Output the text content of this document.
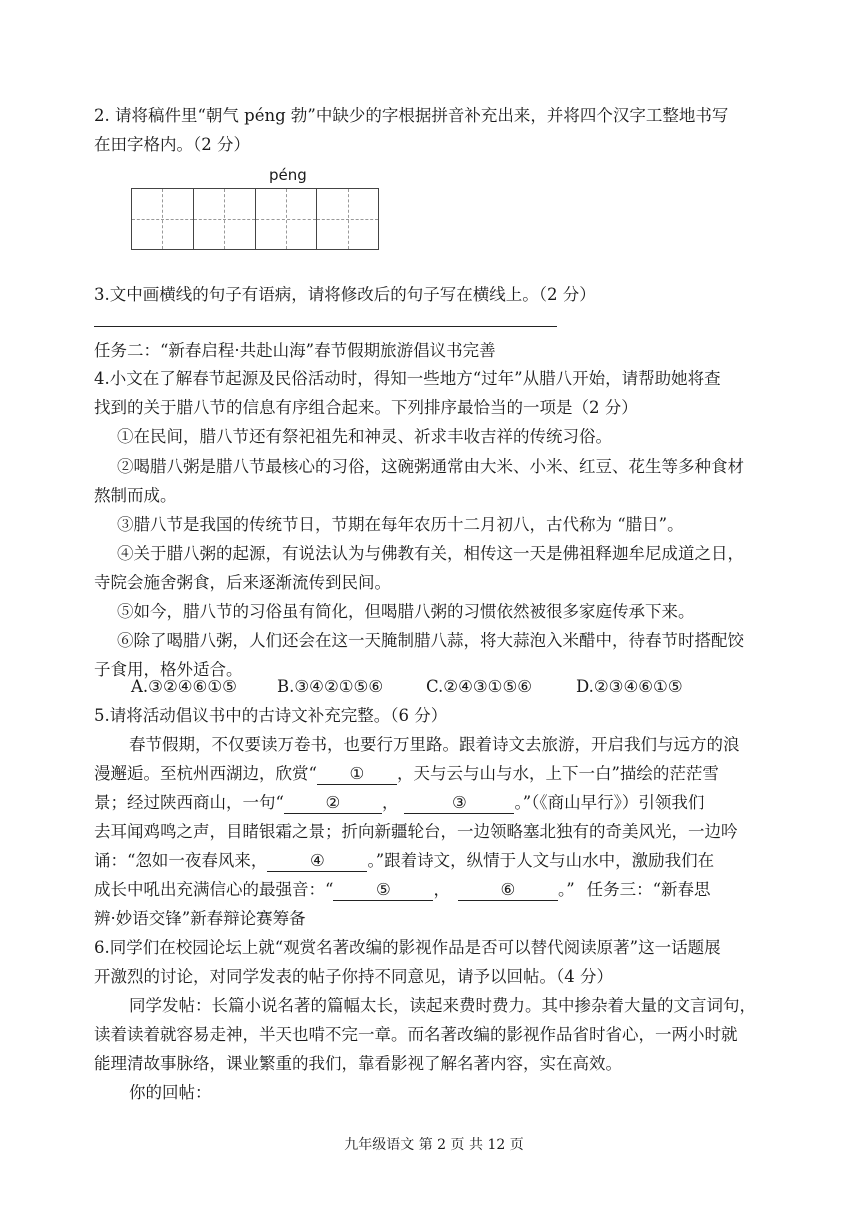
2. 请将稿件里“朝气 péng 勃”中缺少的字根据拼音补充出来，并将四个汉字工整地书写
在田字格内。（2 分）
péng
3.文中画横线的句子有语病，请将修改后的句子写在横线上。（2 分）
任务二：“新春启程·共赴山海”春节假期旅游倡议书完善
4.小文在了解春节起源及民俗活动时，得知一些地方“过年”从腊八开始，请帮助她将查
找到的关于腊八节的信息有序组合起来。下列排序最恰当的一项是（2 分）
①在民间，腊八节还有祭祀祖先和神灵、祈求丰收吉祥的传统习俗。
②喝腊八粥是腊八节最核心的习俗，这碗粥通常由大米、小米、红豆、花生等多种食材
熬制而成。
③腊八节是我国的传统节日，节期在每年农历十二月初八，古代称为 “腊日”。
④关于腊八粥的起源，有说法认为与佛教有关，相传这一天是佛祖释迦牟尼成道之日，
寺院会施舍粥食，后来逐渐流传到民间。
⑤如今，腊八节的习俗虽有简化，但喝腊八粥的习惯依然被很多家庭传承下来。
⑥除了喝腊八粥，人们还会在这一天腌制腊八蒜，将大蒜泡入米醋中，待春节时搭配饺
子食用，格外适合。
A.③②④⑥①⑤ B.③④②①⑤⑥	C.②④③①⑤⑥	D.②③④⑥①⑤
5.请将活动倡议书中的古诗文补充完整。（6 分）
春节假期，不仅要读万卷书，也要行万里路。跟着诗文去旅游，开启我们与远方的浪
漫邂逅。至杭州西湖边，欣赏“ ① ，天与云与山与水，上下一白”描绘的茫茫雪
景；经过陕西商山，一句“	②	，	③	。”（《商山早行》）引领我们
去耳闻鸡鸣之声，目睹银霜之景；折向新疆轮台，一边领略塞北独有的奇美风光，一边吟
诵：“忽如一夜春风来，	④	。”跟着诗文，纵情于人文与山水中，激励我们在
成长中吼出充满信心的最强音：“	⑤	，	⑥	。” 任务三：“新春思
辨·妙语交锋”新春辩论赛筹备
6.同学们在校园论坛上就“观赏名著改编的影视作品是否可以替代阅读原著”这一话题展
开激烈的讨论，对同学发表的帖子你持不同意见，请予以回帖。（4 分）
同学发帖：长篇小说名著的篇幅太长，读起来费时费力。其中掺杂着大量的文言词句，
读着读着就容易走神，半天也啃不完一章。而名著改编的影视作品省时省心，一两小时就
能理清故事脉络，课业繁重的我们，靠看影视了解名著内容，实在高效。
你的回帖：
九年级语文 第 2 页 共 12 页
